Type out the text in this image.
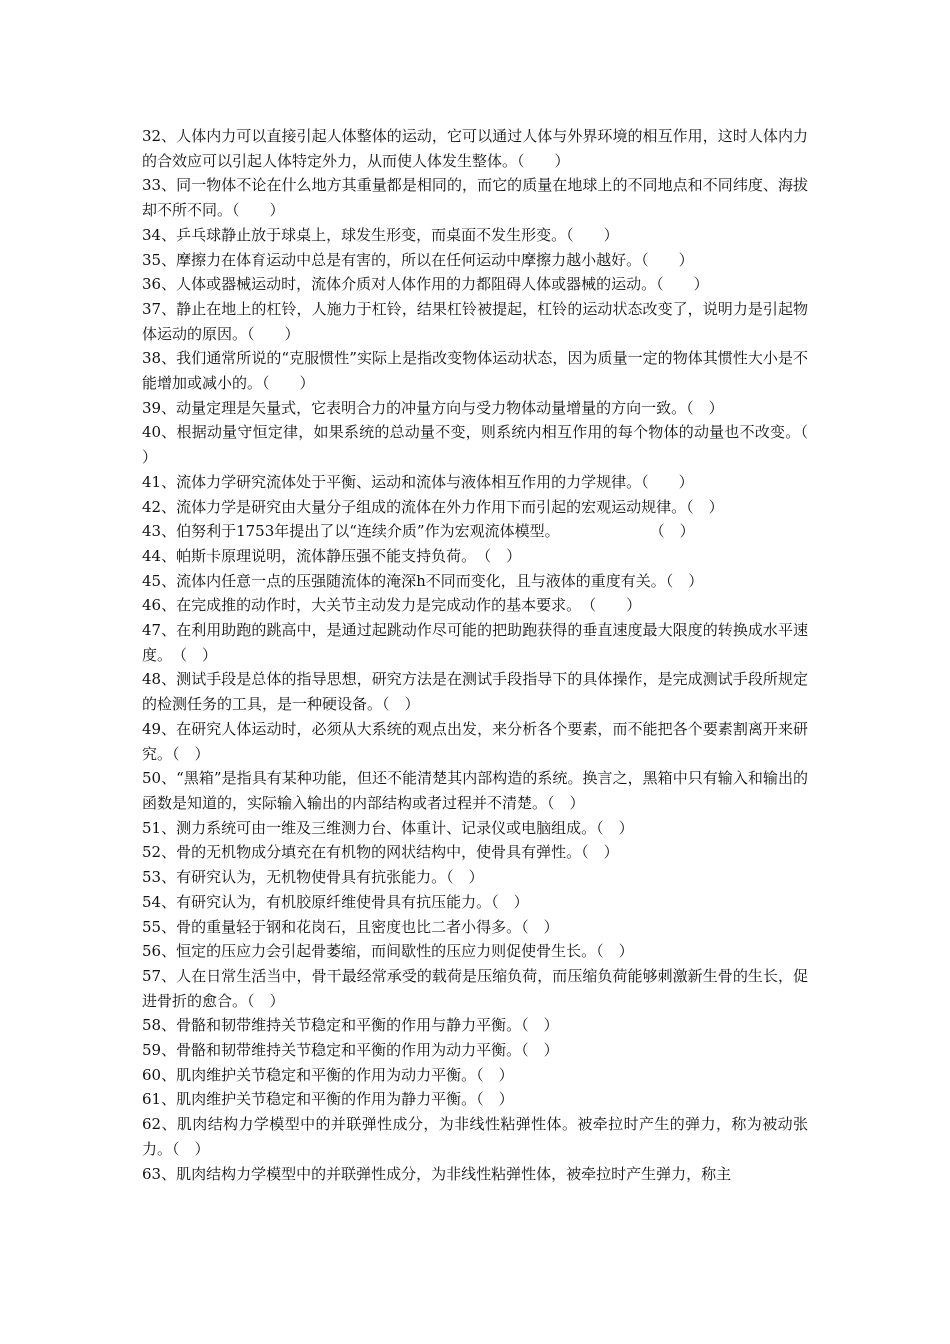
32、人体内力可以直接引起人体整体的运动，它可以通过人体与外界环境的相互作用，这时人体内力的合效应可以引起人体特定外力，从而使人体发生整体。（　　）

33、同一物体不论在什么地方其重量都是相同的，而它的质量在地球上的不同地点和不同纬度、海拔却不所不同。（　　）

34、乒乓球静止放于球桌上，球发生形变，而桌面不发生形变。（　　）

35、摩擦力在体育运动中总是有害的，所以在任何运动中摩擦力越小越好。（　　）

36、人体或器械运动时，流体介质对人体作用的力都阻碍人体或器械的运动。（　　）

37、静止在地上的杠铃，人施力于杠铃，结果杠铃被提起，杠铃的运动状态改变了，说明力是引起物体运动的原因。（　　）

38、我们通常所说的“克服惯性”实际上是指改变物体运动状态，因为质量一定的物体其惯性大小是不能增加或减小的。（　　）

39、动量定理是矢量式，它表明合力的冲量方向与受力物体动量增量的方向一致。（　）

40、根据动量守恒定律，如果系统的总动量不变，则系统内相互作用的每个物体的动量也不改变。（　　）

41、流体力学研究流体处于平衡、运动和流体与液体相互作用的力学规律。（　　）

42、流体力学是研究由大量分子组成的流体在外力作用下而引起的宏观运动规律。（　）

43、伯努利于1753年提出了以“连续介质”作为宏观流体模型。　　　　　　　（　）

44、帕斯卡原理说明，流体静压强不能支持负荷。　（　）

45、流体内任意一点的压强随流体的淹深h不同而变化，且与液体的重度有关。（　）

46、在完成推的动作时，大关节主动发力是完成动作的基本要求。　（　　）

47、在利用助跑的跳高中，是通过起跳动作尽可能的把助跑获得的垂直速度最大限度的转换成水平速度。　（　）

48、测试手段是总体的指导思想，研究方法是在测试手段指导下的具体操作，是完成测试手段所规定的检测任务的工具，是一种硬设备。（　）

49、在研究人体运动时，必须从大系统的观点出发，来分析各个要素，而不能把各个要素割离开来研究。（　）

50、“黑箱”是指具有某种功能，但还不能清楚其内部构造的系统。换言之，黑箱中只有输入和输出的函数是知道的，实际输入输出的内部结构或者过程并不清楚。（　）

51、测力系统可由一维及三维测力台、体重计、记录仪或电脑组成。（　）

52、骨的无机物成分填充在有机物的网状结构中，使骨具有弹性。（　）

53、有研究认为，无机物使骨具有抗张能力。（　）

54、有研究认为，有机胶原纤维使骨具有抗压能力。（　）

55、骨的重量轻于钢和花岗石，且密度也比二者小得多。（　）

56、恒定的压应力会引起骨萎缩，而间歇性的压应力则促使骨生长。（　）

57、人在日常生活当中，骨干最经常承受的载荷是压缩负荷，而压缩负荷能够刺激新生骨的生长，促进骨折的愈合。（　）

58、骨骼和韧带维持关节稳定和平衡的作用与静力平衡。（　）

59、骨骼和韧带维持关节稳定和平衡的作用为动力平衡。（　）

60、肌肉维护关节稳定和平衡的作用为动力平衡。（　）

61、肌肉维护关节稳定和平衡的作用为静力平衡。（　）

62、肌肉结构力学模型中的并联弹性成分，为非线性粘弹性体。被牵拉时产生的弹力，称为被动张力。（　）

63、肌肉结构力学模型中的并联弹性成分，为非线性粘弹性体，被牵拉时产生弹力，称主
